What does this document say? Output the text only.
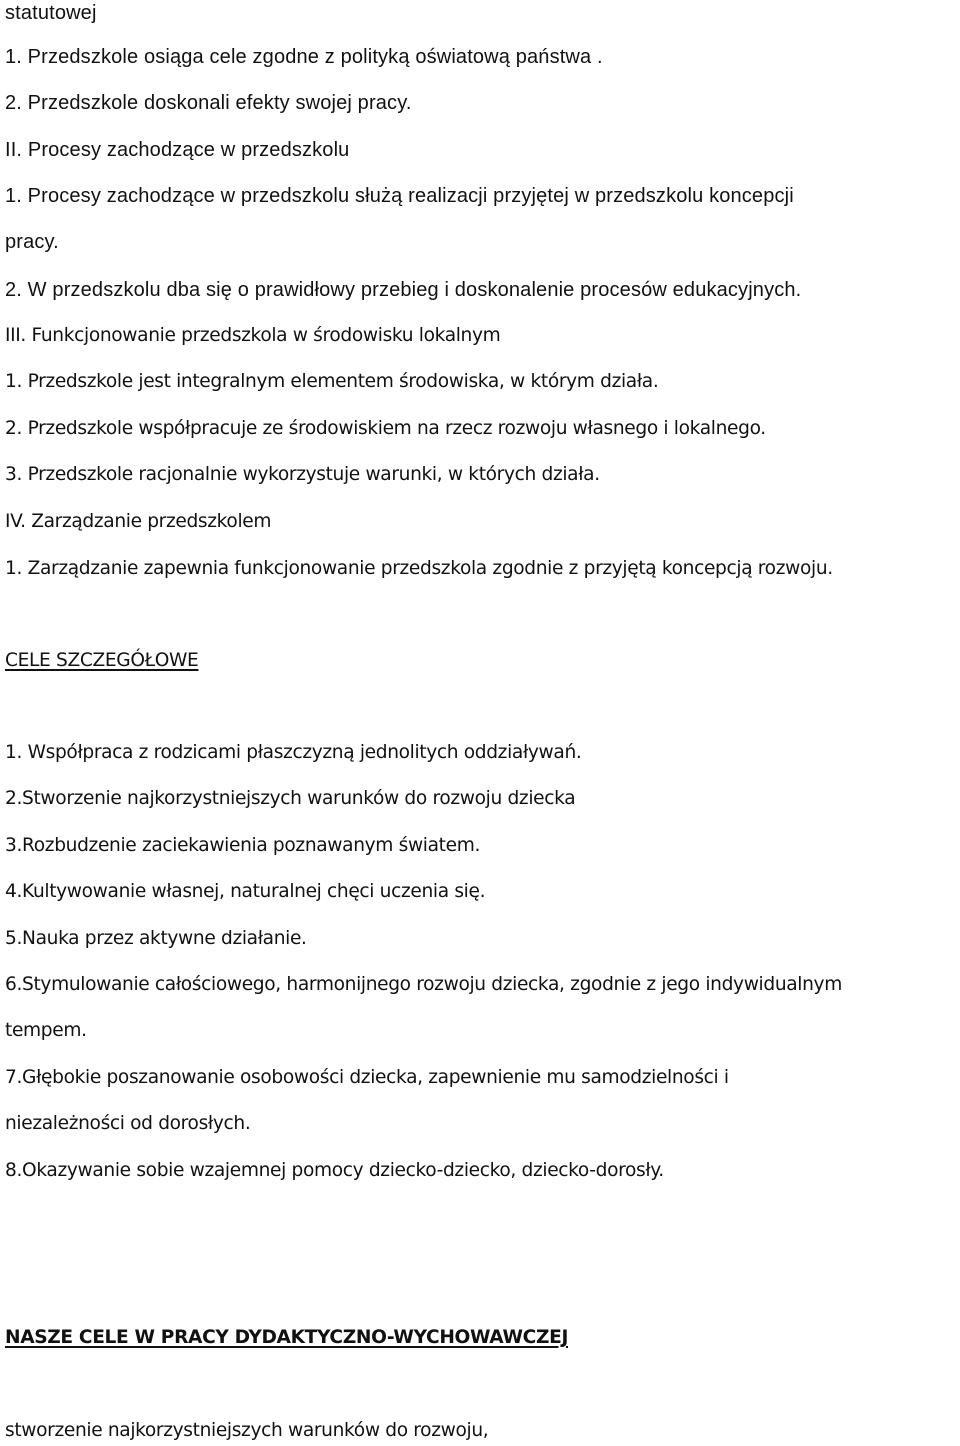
statutowej
1. Przedszkole osiąga cele zgodne z polityką oświatową państwa .
2. Przedszkole doskonali efekty swojej pracy.
II. Procesy zachodzące w przedszkolu
1. Procesy zachodzące w przedszkolu służą realizacji przyjętej w przedszkolu koncepcji
pracy.
2. W przedszkolu dba się o prawidłowy przebieg i doskonalenie procesów edukacyjnych.
III. Funkcjonowanie przedszkola w środowisku lokalnym
1. Przedszkole jest integralnym elementem środowiska, w którym działa.
2. Przedszkole współpracuje ze środowiskiem na rzecz rozwoju własnego i lokalnego.
3. Przedszkole racjonalnie wykorzystuje warunki, w których działa.
IV. Zarządzanie przedszkolem
1. Zarządzanie zapewnia funkcjonowanie przedszkola zgodnie z przyjętą koncepcją rozwoju.
CELE SZCZEGÓŁOWE
1. Współpraca z rodzicami płaszczyzną jednolitych oddziaływań.
2.Stworzenie najkorzystniejszych warunków do rozwoju dziecka
3.Rozbudzenie zaciekawienia poznawanym światem.
4.Kultywowanie własnej, naturalnej chęci uczenia się.
5.Nauka przez aktywne działanie.
6.Stymulowanie całościowego, harmonijnego rozwoju dziecka, zgodnie z jego indywidualnym
tempem.
7.Głębokie poszanowanie osobowości dziecka, zapewnienie mu samodzielności i
niezależności od dorosłych.
8.Okazywanie sobie wzajemnej pomocy dziecko-dziecko, dziecko-dorosły.
NASZE CELE W PRACY DYDAKTYCZNO-WYCHOWAWCZEJ
stworzenie najkorzystniejszych warunków do rozwoju,
